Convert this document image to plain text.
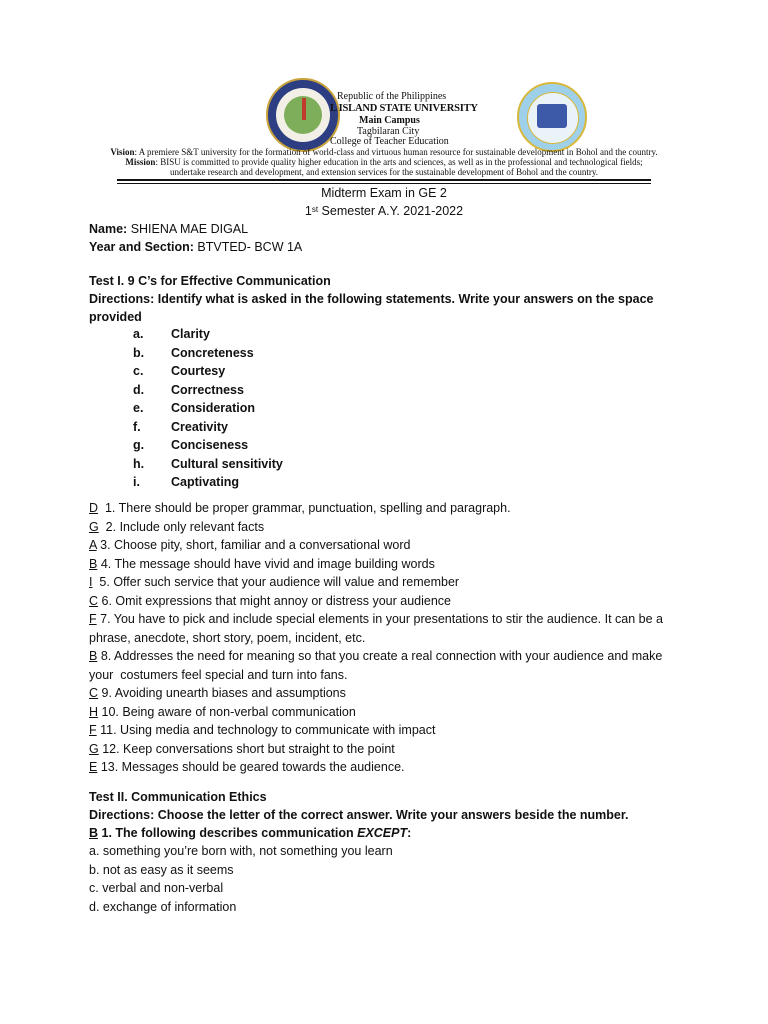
Republic of the Philippines
L ISLAND STATE UNIVERSITY
Main Campus
Tagbilaran City
College of Teacher Education
Vision: A premiere S&T university for the formation of world-class and virtuous human resource for sustainable development in Bohol and the country.
Mission: BISU is committed to provide quality higher education in the arts and sciences, as well as in the professional and technological fields;
undertake research and development, and extension services for the sustainable development of Bohol and the country.
Midterm Exam in GE 2
1st Semester A.Y. 2021-2022
Name: SHIENA MAE DIGAL
Year and Section: BTVTED- BCW 1A
Test I. 9 C’s for Effective Communication
Directions: Identify what is asked in the following statements. Write your answers on the space
provided
a. Clarity
b. Concreteness
c. Courtesy
d. Correctness
e. Consideration
f. Creativity
g. Conciseness
h. Cultural sensitivity
i. Captivating
D  1. There should be proper grammar, punctuation, spelling and paragraph.
G  2. Include only relevant facts
A 3. Choose pity, short, familiar and a conversational word
B 4. The message should have vivid and image building words
I  5. Offer such service that your audience will value and remember
C 6. Omit expressions that might annoy or distress your audience
F 7. You have to pick and include special elements in your presentations to stir the audience. It can be a
phrase, anecdote, short story, poem, incident, etc.
B 8. Addresses the need for meaning so that you create a real connection with your audience and make
your  costumers feel special and turn into fans.
C 9. Avoiding unearth biases and assumptions
H 10. Being aware of non-verbal communication
F 11. Using media and technology to communicate with impact
G 12. Keep conversations short but straight to the point
E 13. Messages should be geared towards the audience.
Test II. Communication Ethics
Directions: Choose the letter of the correct answer. Write your answers beside the number.
B 1. The following describes communication EXCEPT:
a. something you’re born with, not something you learn
b. not as easy as it seems
c. verbal and non-verbal
d. exchange of information
